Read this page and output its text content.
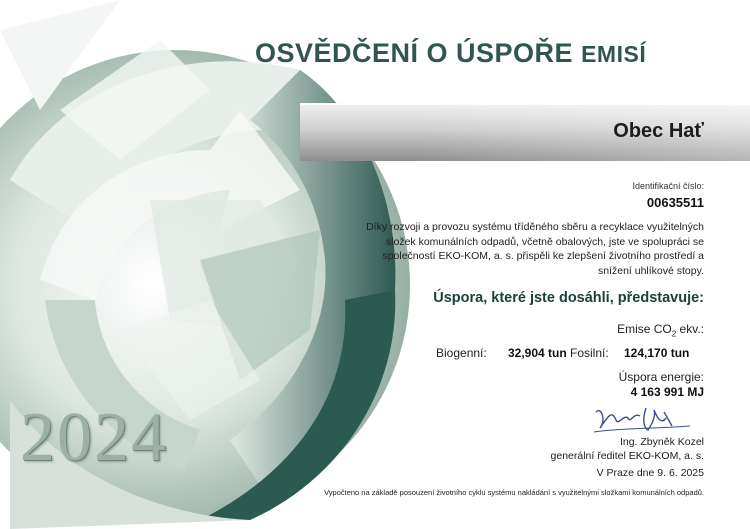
OSVĚDČENÍ O ÚSPOŘE EMISÍ
Obec Hať
Identifikační číslo:
00635511
Díky rozvoji a provozu systému tříděného sběru a recyklace využitelných složek komunálních odpadů, včetně obalových, jste ve spolupráci se společností EKO-KOM, a. s. přispěli ke zlepšení životního prostředí a snížení uhlíkové stopy.
Úspora, které jste dosáhli, představuje:
Emise $CO_2$ ekv.:
Biogenní: 32,904 tun Fosilní: 124,170 tun
Úspora energie:
4 163 991 MJ
Ing. Zbyněk Kozel
generální ředitel EKO-KOM, a. s.
V Praze dne 9. 6. 2025
Vypočteno na základě posouzení životního cyklu systému nakládání s využitelnými složkami komunálních odpadů.
2024
